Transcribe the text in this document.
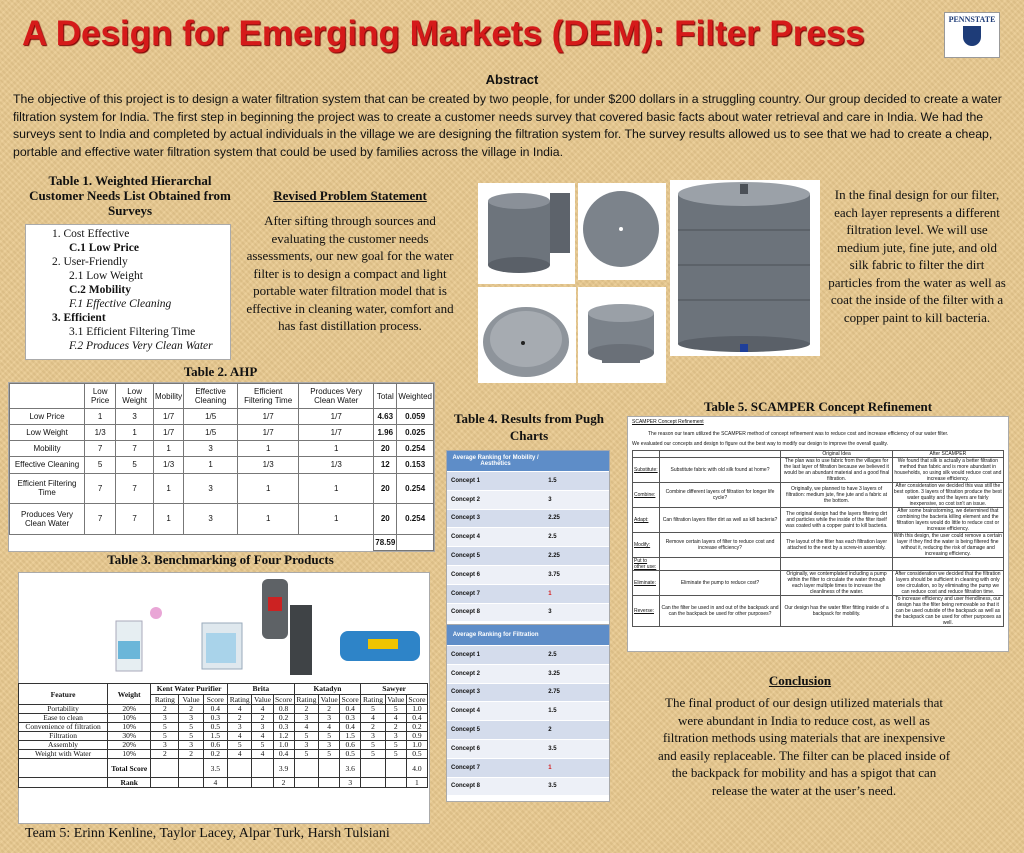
A Design for Emerging Markets (DEM): Filter Press	PENNSTATE
Abstract
The objective of this project is to design a water filtration system that can be created by two people, for under $200 dollars in a struggling country. Our group decided to create a water filtration system for India. The first step in beginning the project was to create a customer needs survey that covered basic facts about water retrieval and care in India. We had the surveys sent to India and completed by actual individuals in the village we are designing the filtration system for. The survey results allowed us to see that we had to create a cheap, portable and effective water filtration system that could be used by families across the village in India.
Table 1. Weighted Hierarchal Customer Needs List Obtained from Surveys
1. Cost Effective
C.1 Low Price
2. User-Friendly
2.1 Low Weight
C.2 Mobility
F.1 Effective Cleaning
3. Efficient
3.1 Efficient Filtering Time
F.2 Produces Very Clean Water
Revised Problem Statement
After sifting through sources and evaluating the customer needs assessments, our new goal for the water filter is to design a compact and light portable water filtration model that is effective in cleaning water, comfort and has fast distillation process.
In the final design for our filter, each layer represents a different filtration level. We will use medium jute, fine jute, and old silk fabric to filter the dirt particles from the water as well as coat the inside of the filter with a copper paint to kill bacteria.
Table 2. AHP
	Low Price	Low Weight	Mobility	Effective Cleaning	Efficient Filtering Time	Produces Very Clean Water	Total	Weighted
Low Price	1	3	1/7	1/5	1/7	1/7	4.63	0.059
Low Weight	1/3	1	1/7	1/5	1/7	1/7	1.96	0.025
Mobility	7	7	1	3	1	1	20	0.254
Effective Cleaning	5	5	1/3	1	1/3	1/3	12	0.153
Efficient Filtering Time	7	7	1	3	1	1	20	0.254
Produces Very Clean Water	7	7	1	3	1	1	20	0.254
							78.59	
Table 3. Benchmarking of Four Products
Feature	Weight	Kent Water Purifier			Brita			Katadyn			Sawyer		
		Rating	Value	Score	Rating	Value	Score	Rating	Value	Score	Rating	Value	Score
Portability	20%	2	2	0.4	4	4	0.8	2	2	0.4	5	5	1.0
Ease to clean	10%	3	3	0.3	2	2	0.2	3	3	0.3	4	4	0.4
Convenience of filtration	10%	5	5	0.5	3	3	0.3	4	4	0.4	2	2	0.2
Filtration	30%	5	5	1.5	4	4	1.2	5	5	1.5	3	3	0.9
Assembly	20%	3	3	0.6	5	5	1.0	3	3	0.6	5	5	1.0
Weight with Water	10%	2	2	0.2	4	4	0.4	5	5	0.5	5	5	0.5
	Total Score			3.5			3.9			3.6			4.0
	Rank			4			2			3			1
Table 4. Results from Pugh Charts
Average Ranking for Mobility / Aesthetics	
Concept 1	1.5
Concept 2	3
Concept 3	2.25
Concept 4	2.5
Concept 5	2.25
Concept 6	3.75
Concept 7	1
Concept 8	3
Average Ranking for Filtration	
Concept 1	2.5
Concept 2	3.25
Concept 3	2.75
Concept 4	1.5
Concept 5	2
Concept 6	3.5
Concept 7	1
Concept 8	3.5
Table 5. SCAMPER Concept Refinement
SCAMPER Concept Refinement
The reason our team utilized the SCAMPER method of concept refinement was to reduce cost and increase efficiency of our water filter.
We evaluated our concepts and design to figure out the best way to modify our design to improve the overall quality.
		Original Idea	After SCAMPER
Substitute:	Substitute fabric with old silk found at home?	The plan was to use fabric from the villages for the last layer of filtration because we believed it would be an abundant material and a good final filtration.	We found that silk is actually a better filtration method than fabric and is more abundant in households, so using silk would reduce cost and increase efficiency.
Combine:	Combine different layers of filtration for longer life cycle?	Originally, we planned to have 3 layers of filtration: medium jute, fine jute and a fabric at the bottom.	After consideration we decided this was still the best option. 3 layers of filtration produce the best water quality and the layers are fairly inexpensive, so cost isn't an issue.
Adapt:	Can filtration layers filter dirt as well as kill bacteria?	The original design had the layers filtering dirt and particles while the inside of the filter itself was coated with a copper paint to kill bacteria.	After some brainstorming, we determined that combining the bacteria killing element and the filtration layers would do little to reduce cost or increase efficiency.
Modify:	Remove certain layers of filter to reduce cost and increase efficiency?	The layout of the filter has each filtration layer attached to the next by a screw-in assembly.	With this design, the user could remove a certain layer if they find the water is being filtered fine without it, reducing the risk of damage and increasing efficiency.
Put to other use:			
Eliminate:	Eliminate the pump to reduce cost?	Originally, we contemplated including a pump within the filter to circulate the water through each layer multiple times to increase the cleanliness of the water.	After consideration we decided that the filtration layers should be sufficient in cleaning with only one circulation, so by eliminating the pump we can reduce cost and reduce filtration time.
Reverse:	Can the filter be used in and out of the backpack and can the backpack be used for other purposes?	Our design has the water filter fitting inside of a backpack for mobility.	To increase efficiency and user friendliness, our design has the filter being removable so that it can be used outside of the backpack as well as the backpack can be used for other purposes as well.
Conclusion
The final product of our design utilized materials that were abundant in India to reduce cost, as well as filtration methods using materials that are inexpensive and easily replaceable. The filter can be placed inside of the backpack for mobility and has a spigot that can release the water at the user’s need.
Team 5: Erinn Kenline, Taylor Lacey, Alpar Turk, Harsh Tulsiani
